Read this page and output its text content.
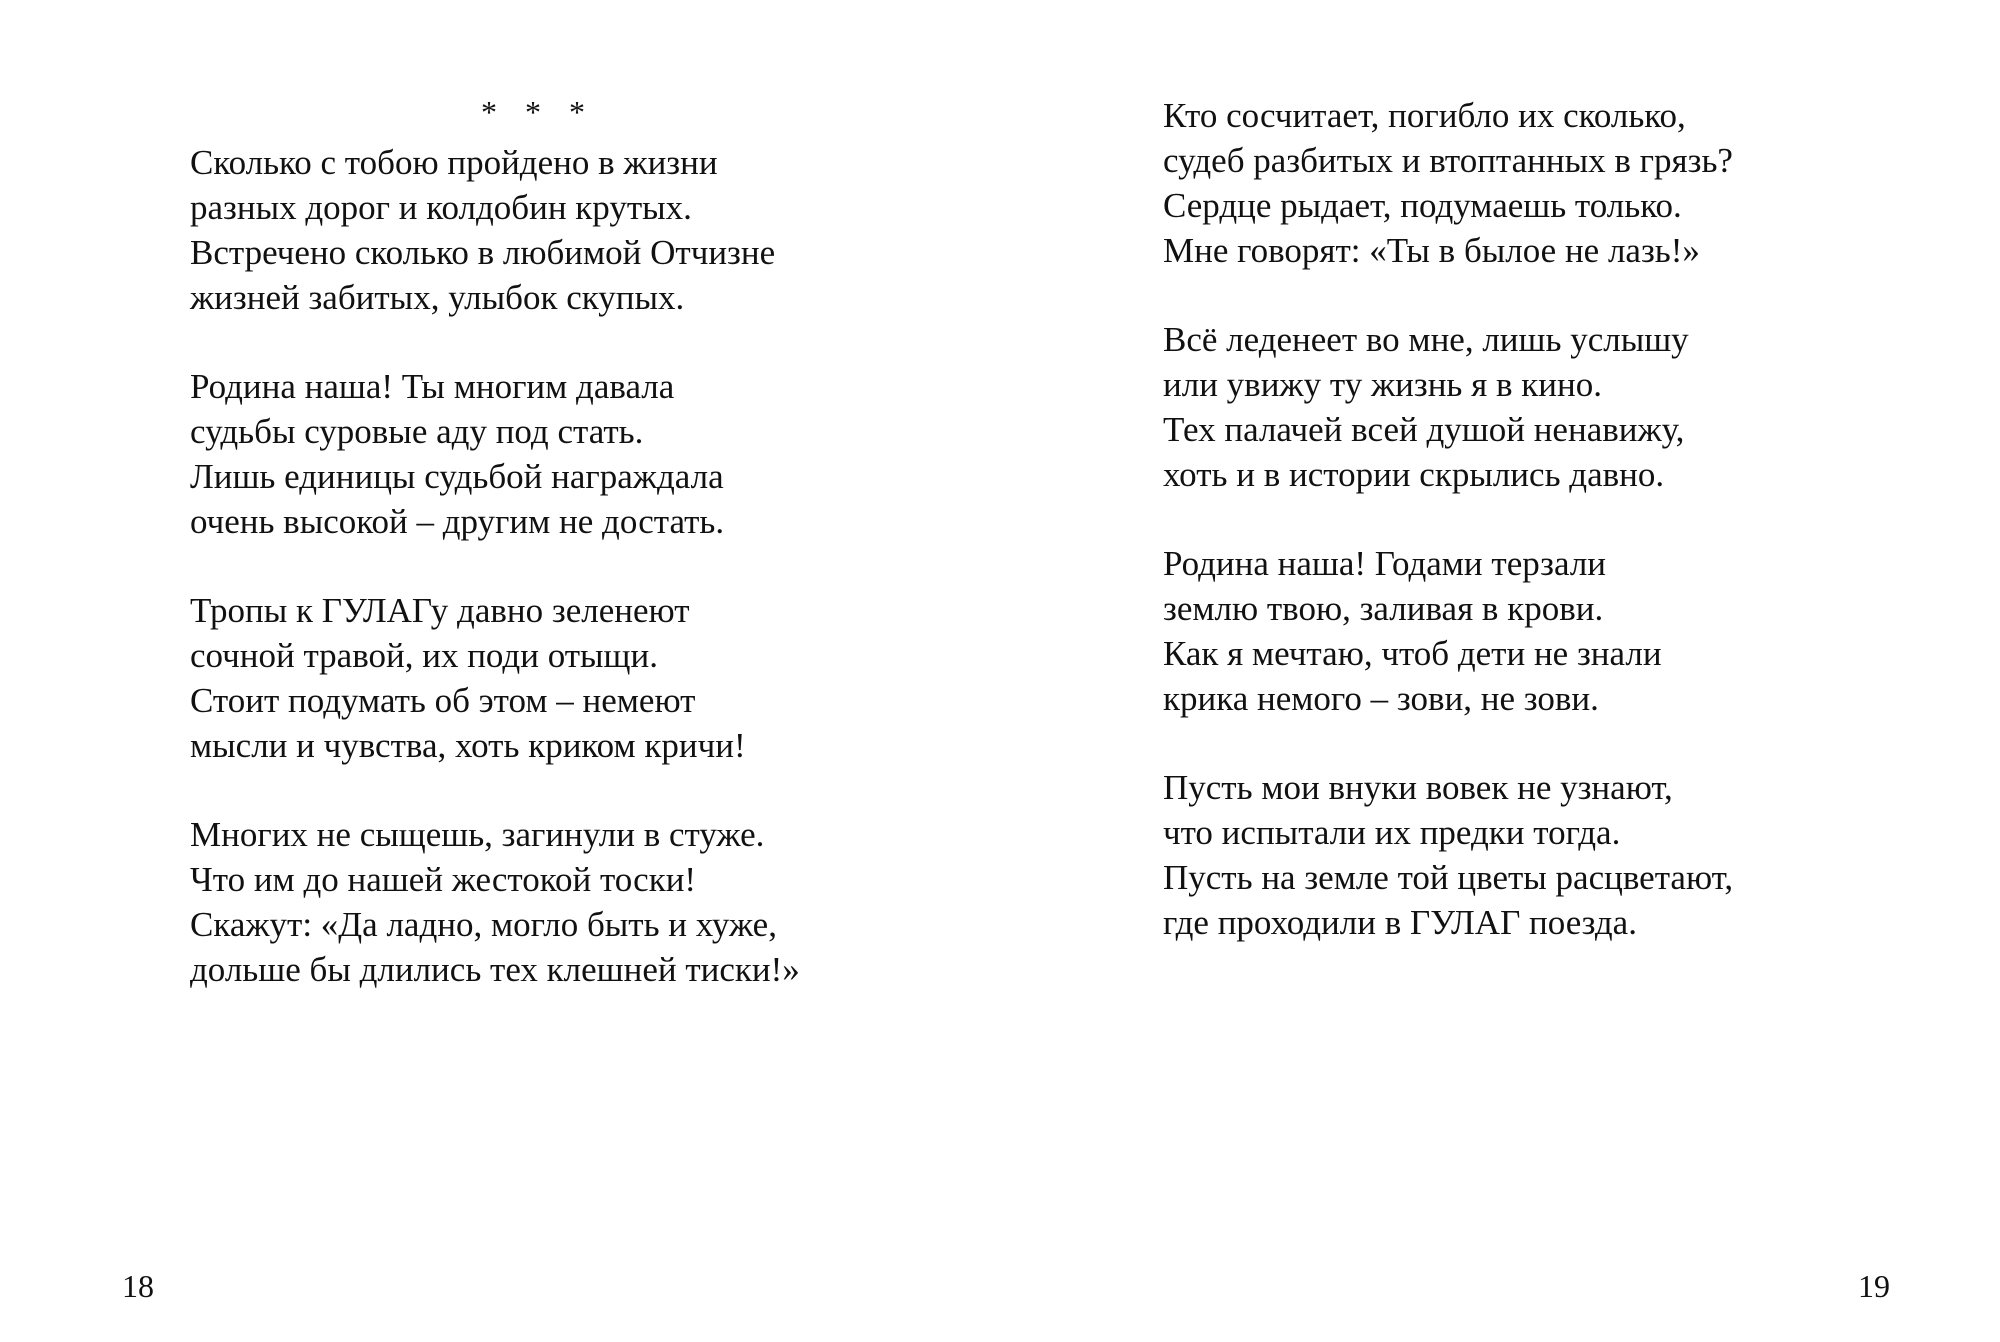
* * *
Сколько с тобою пройдено в жизни
разных дорог и колдобин крутых.
Встречено сколько в любимой Отчизне
жизней забитых, улыбок скупых.
Родина наша! Ты многим давала
судьбы суровые аду под стать.
Лишь единицы судьбой награждала
очень высокой – другим не достать.
Тропы к ГУЛАГу давно зеленеют
сочной травой, их поди отыщи.
Стоит подумать об этом – немеют
мысли и чувства, хоть криком кричи!
Многих не сыщешь, загинули в стуже.
Что им до нашей жестокой тоски!
Скажут: «Да ладно, могло быть и хуже,
дольше бы длились тех клешней тиски!»
18
Кто сосчитает, погибло их сколько,
судеб разбитых и втоптанных в грязь?
Сердце рыдает, подумаешь только.
Мне говорят: «Ты в былое не лазь!»
Всё леденеет во мне, лишь услышу
или увижу ту жизнь я в кино.
Тех палачей всей душой ненавижу,
хоть и в истории скрылись давно.
Родина наша! Годами терзали
землю твою, заливая в крови.
Как я мечтаю, чтоб дети не знали
крика немого – зови, не зови.
Пусть мои внуки вовек не узнают,
что испытали их предки тогда.
Пусть на земле той цветы расцветают,
где проходили в ГУЛАГ поезда.
19
